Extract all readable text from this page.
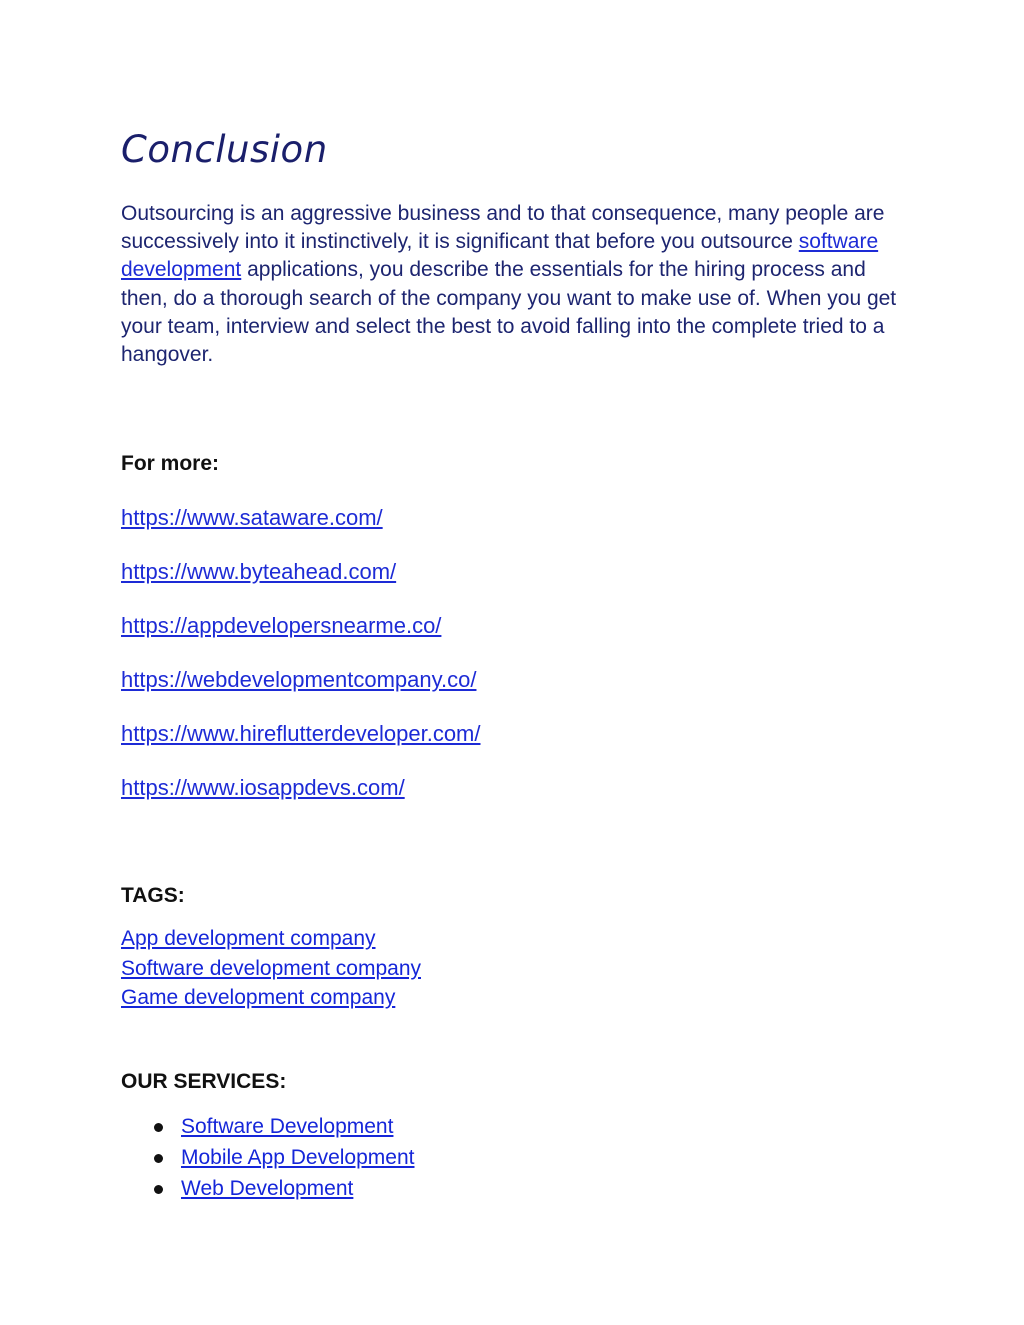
Conclusion

Outsourcing is an aggressive business and to that consequence, many people are successively into it instinctively, it is significant that before you outsource software development applications, you describe the essentials for the hiring process and then, do a thorough search of the company you want to make use of. When you get your team, interview and select the best to avoid falling into the complete tried to a hangover.

For more:
https://www.sataware.com/
https://www.byteahead.com/
https://appdevelopersnearme.co/
https://webdevelopmentcompany.co/
https://www.hireflutterdeveloper.com/
https://www.iosappdevs.com/
TAGS:
App development company
Software development company
Game development company
OUR SERVICES:
Software Development
Mobile App Development
Web Development
